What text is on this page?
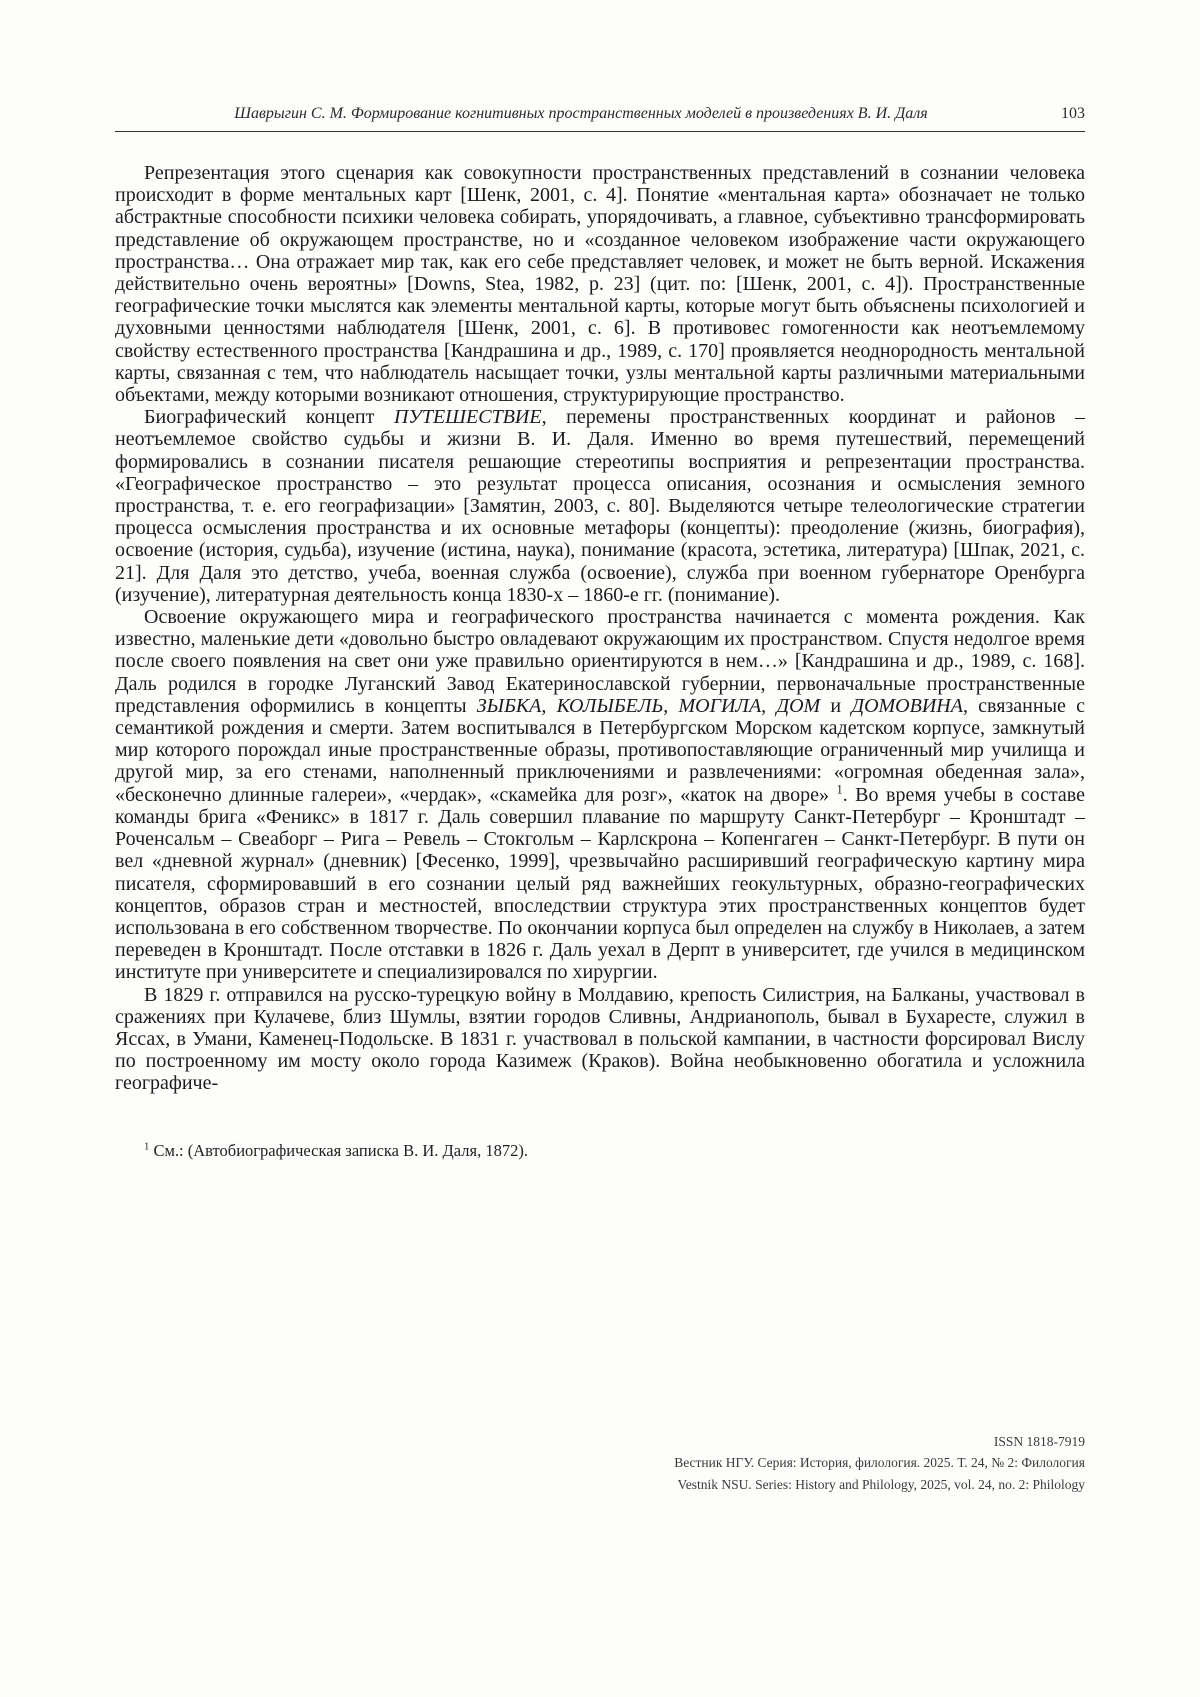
Шаврыгин С. М. Формирование когнитивных пространственных моделей в произведениях В. И. Даля	103

Репрезентация этого сценария как совокупности пространственных представлений в сознании человека происходит в форме ментальных карт [Шенк, 2001, с. 4]. Понятие «ментальная карта» обозначает не только абстрактные способности психики человека собирать, упорядочивать, а главное, субъективно трансформировать представление об окружающем пространстве, но и «созданное человеком изображение части окружающего пространства… Она отражает мир так, как его себе представляет человек, и может не быть верной. Искажения действительно очень вероятны» [Downs, Stea, 1982, p. 23] (цит. по: [Шенк, 2001, с. 4]). Пространственные географические точки мыслятся как элементы ментальной карты, которые могут быть объяснены психологией и духовными ценностями наблюдателя [Шенк, 2001, с. 6]. В противовес гомогенности как неотъемлемому свойству естественного пространства [Кандрашина и др., 1989, с. 170] проявляется неоднородность ментальной карты, связанная с тем, что наблюдатель насыщает точки, узлы ментальной карты различными материальными объектами, между которыми возникают отношения, структурирующие пространство.

Биографический концепт ПУТЕШЕСТВИЕ, перемены пространственных координат и районов – неотъемлемое свойство судьбы и жизни В. И. Даля. Именно во время путешествий, перемещений формировались в сознании писателя решающие стереотипы восприятия и репрезентации пространства. «Географическое пространство – это результат процесса описания, осознания и осмысления земного пространства, т. е. его географизации» [Замятин, 2003, с. 80]. Выделяются четыре телеологические стратегии процесса осмысления пространства и их основные метафоры (концепты): преодоление (жизнь, биография), освоение (история, судьба), изучение (истина, наука), понимание (красота, эстетика, литература) [Шпак, 2021, с. 21]. Для Даля это детство, учеба, военная служба (освоение), служба при военном губернаторе Оренбурга (изучение), литературная деятельность конца 1830-х – 1860-е гг. (понимание).

Освоение окружающего мира и географического пространства начинается с момента рождения. Как известно, маленькие дети «довольно быстро овладевают окружающим их пространством. Спустя недолгое время после своего появления на свет они уже правильно ориентируются в нем…» [Кандрашина и др., 1989, с. 168]. Даль родился в городке Луганский Завод Екатеринославской губернии, первоначальные пространственные представления оформились в концепты ЗЫБКА, КОЛЫБЕЛЬ, МОГИЛА, ДОМ и ДОМОВИНА, связанные с семантикой рождения и смерти. Затем воспитывался в Петербургском Морском кадетском корпусе, замкнутый мир которого порождал иные пространственные образы, противопоставляющие ограниченный мир училища и другой мир, за его стенами, наполненный приключениями и развлечениями: «огромная обеденная зала», «бесконечно длинные галереи», «чердак», «скамейка для розг», «каток на дворе» $^1$. Во время учебы в составе команды брига «Феникс» в 1817 г. Даль совершил плавание по маршруту Санкт-Петербург – Кронштадт – Роченсальм – Свеаборг – Рига – Ревель – Стокгольм – Карлскрона – Копенгаген – Санкт-Петербург. В пути он вел «дневной журнал» (дневник) [Фесенко, 1999], чрезвычайно расширивший географическую картину мира писателя, сформировавший в его сознании целый ряд важнейших геокультурных, образно-географических концептов, образов стран и местностей, впоследствии структура этих пространственных концептов будет использована в его собственном творчестве. По окончании корпуса был определен на службу в Николаев, а затем переведен в Кронштадт. После отставки в 1826 г. Даль уехал в Дерпт в университет, где учился в медицинском институте при университете и специализировался по хирургии.

В 1829 г. отправился на русско-турецкую войну в Молдавию, крепость Силистрия, на Балканы, участвовал в сражениях при Кулачеве, близ Шумлы, взятии городов Сливны, Андрианополь, бывал в Бухаресте, служил в Яссах, в Умани, Каменец-Подольске. В 1831 г. участвовал в польской кампании, в частности форсировал Вислу по построенному им мосту около города Казимеж (Краков). Война необыкновенно обогатила и усложнила географиче-

$^1$ См.: (Автобиографическая записка В. И. Даля, 1872).
ISSN 1818-7919
Вестник НГУ. Серия: История, филология. 2025. Т. 24, № 2: Филология
Vestnik NSU. Series: History and Philology, 2025, vol. 24, no. 2: Philology
